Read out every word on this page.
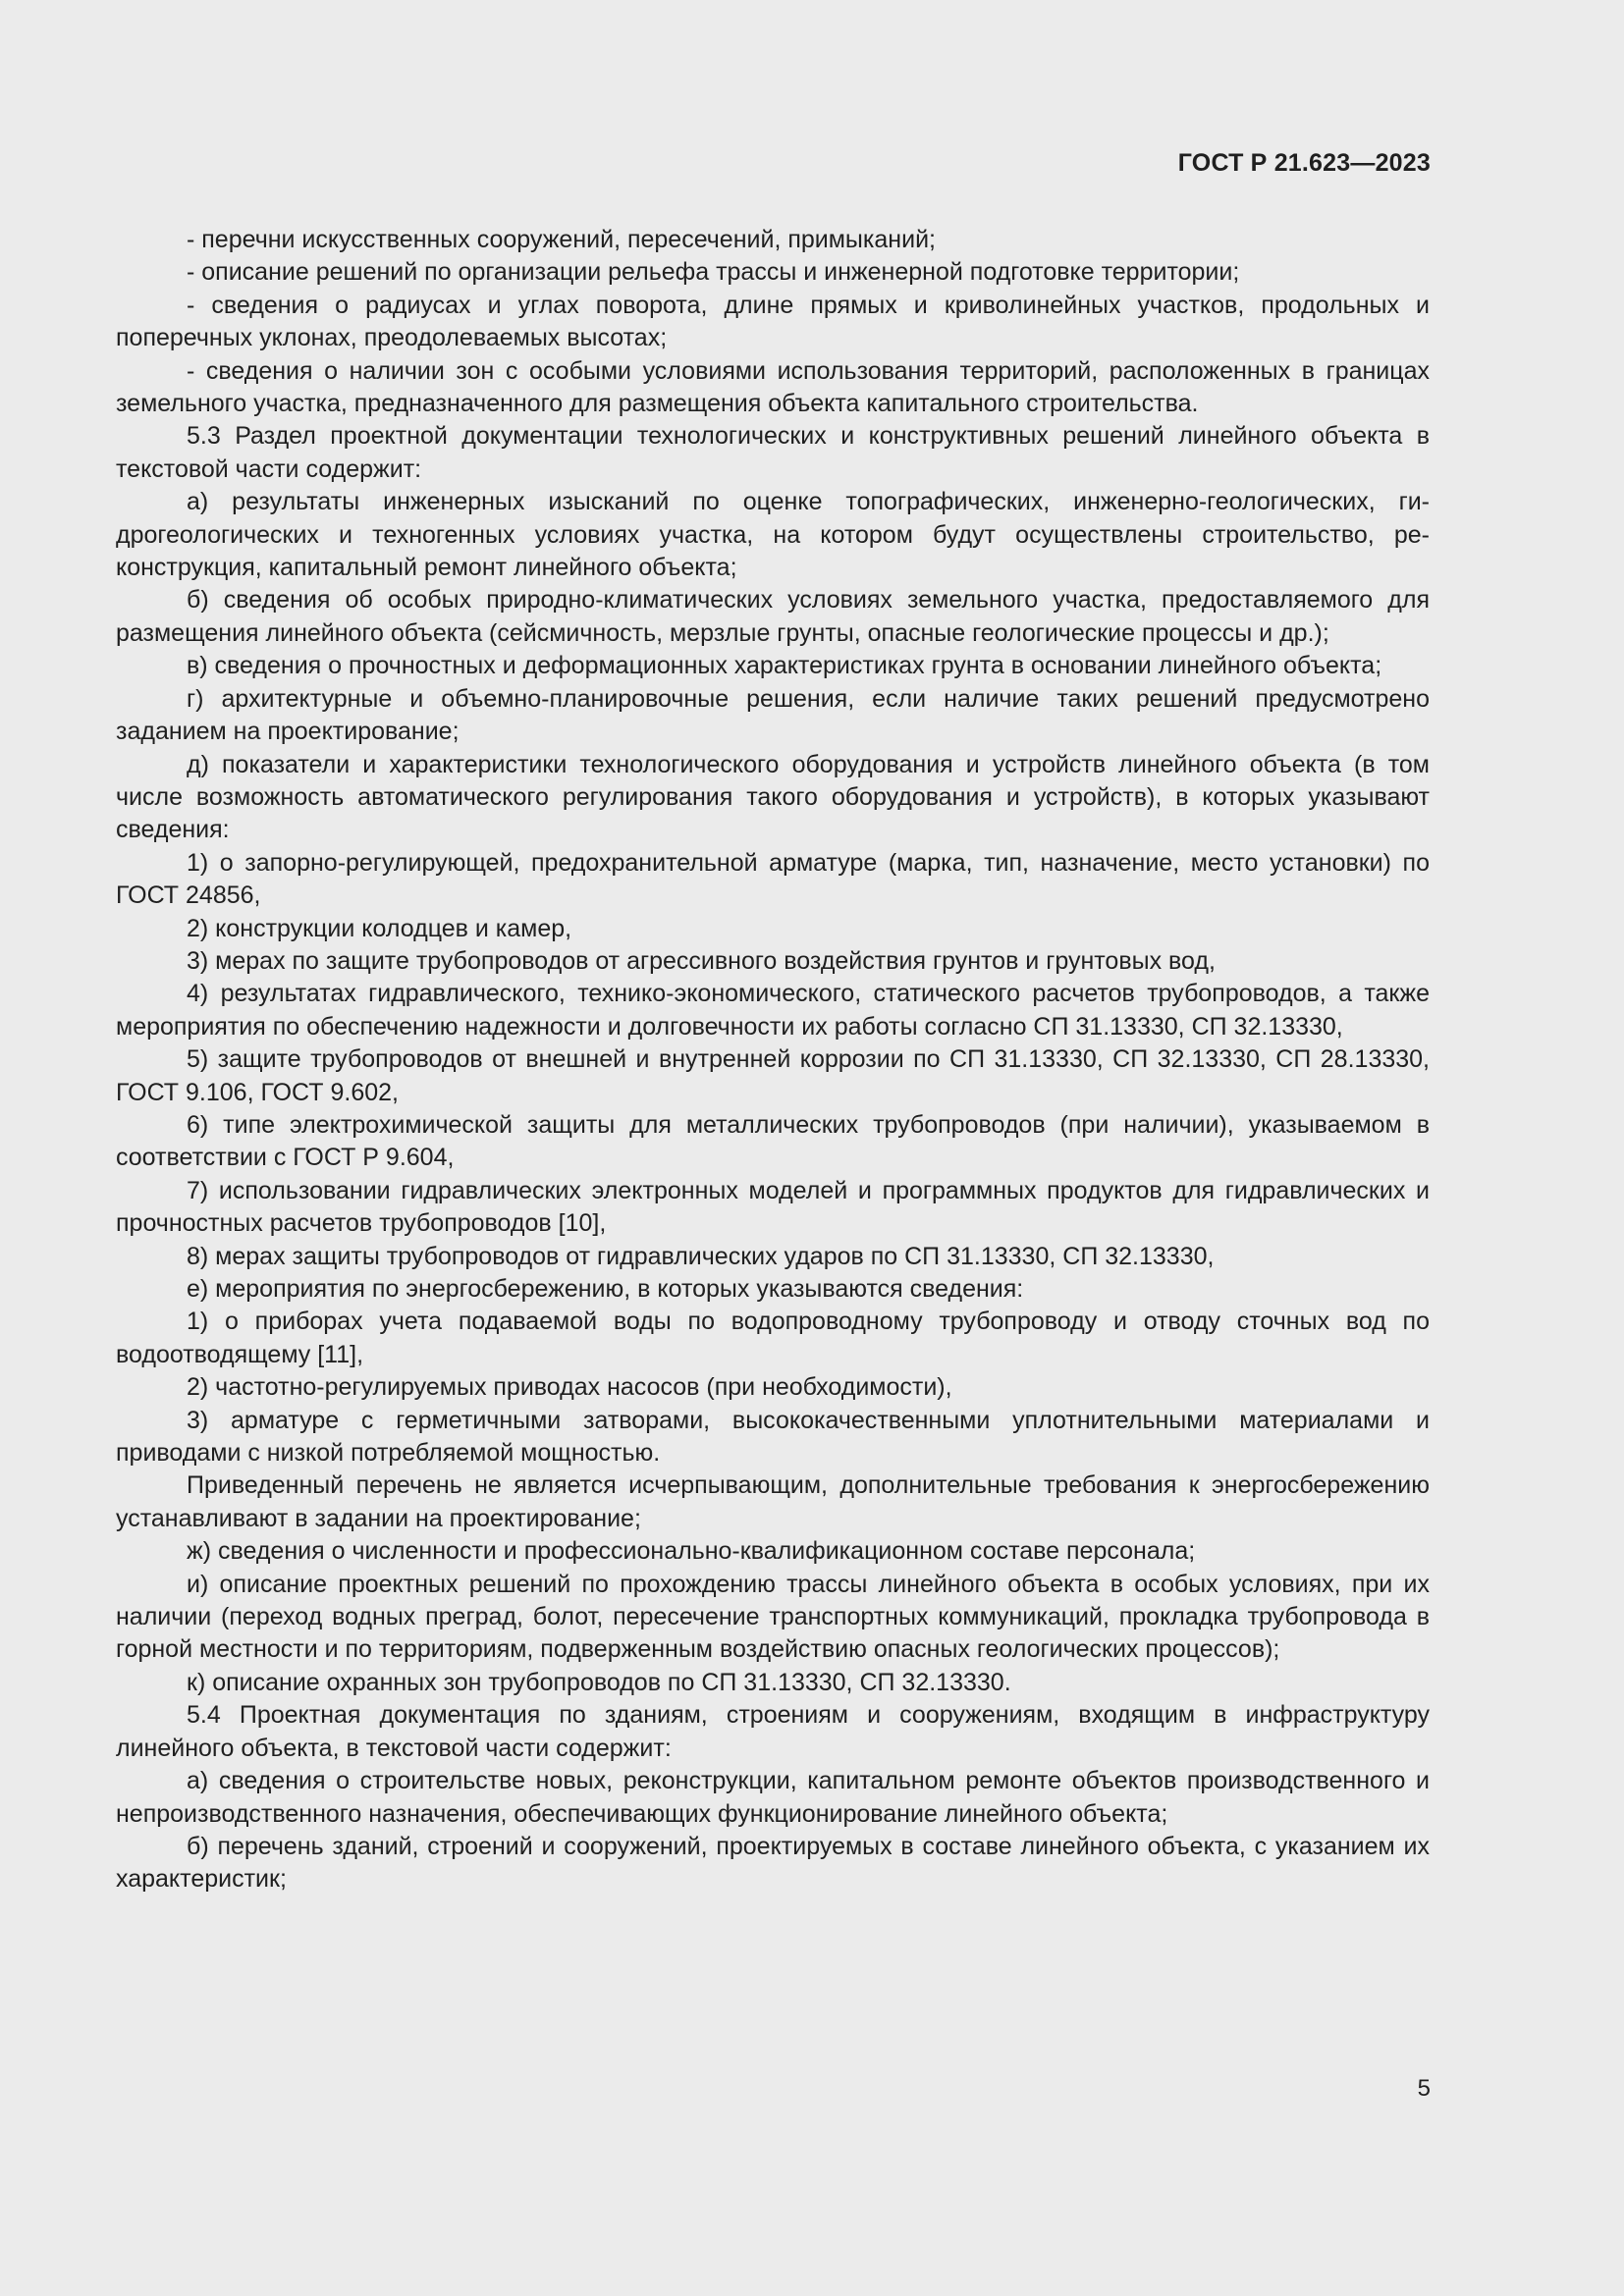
ГОСТ Р 21.623—2023

- перечни искусственных сооружений, пересечений, примыканий;

- описание решений по организации рельефа трассы и инженерной подготовке территории;

- сведения о радиусах и углах поворота, длине прямых и криволинейных участков, продольных и поперечных уклонах, преодолеваемых высотах;

- сведения о наличии зон с особыми условиями использования территорий, расположенных в границах земельного участка, предназначенного для размещения объекта капитального строительства.

5.3 Раздел проектной документации технологических и конструктивных решений линейного объекта в текстовой части содержит:

а) результаты инженерных изысканий по оценке топографических, инженерно-геологических, гидрогеологических и техногенных условиях участка, на котором будут осуществлены строительство, реконструкция, капитальный ремонт линейного объекта;

б) сведения об особых природно-климатических условиях земельного участка, предоставляемого для размещения линейного объекта (сейсмичность, мерзлые грунты, опасные геологические процессы и др.);

в) сведения о прочностных и деформационных характеристиках грунта в основании линейного объекта;

г) архитектурные и объемно-планировочные решения, если наличие таких решений предусмотрено заданием на проектирование;

д) показатели и характеристики технологического оборудования и устройств линейного объекта (в том числе возможность автоматического регулирования такого оборудования и устройств), в которых указывают сведения:

1) о запорно-регулирующей, предохранительной арматуре (марка, тип, назначение, место установки) по ГОСТ 24856,

2) конструкции колодцев и камер,

3) мерах по защите трубопроводов от агрессивного воздействия грунтов и грунтовых вод,

4) результатах гидравлического, технико-экономического, статического расчетов трубопроводов, а также мероприятия по обеспечению надежности и долговечности их работы согласно СП 31.13330, СП 32.13330,

5) защите трубопроводов от внешней и внутренней коррозии по СП 31.13330, СП 32.13330, СП 28.13330, ГОСТ 9.106, ГОСТ 9.602,

6) типе электрохимической защиты для металлических трубопроводов (при наличии), указываемом в соответствии с ГОСТ Р 9.604,

7) использовании гидравлических электронных моделей и программных продуктов для гидравлических и прочностных расчетов трубопроводов [10],

8) мерах защиты трубопроводов от гидравлических ударов по СП 31.13330, СП 32.13330,

е) мероприятия по энергосбережению, в которых указываются сведения:

1) о приборах учета подаваемой воды по водопроводному трубопроводу и отводу сточных вод по водоотводящему [11],

2) частотно-регулируемых приводах насосов (при необходимости),

3) арматуре с герметичными затворами, высококачественными уплотнительными материалами и приводами с низкой потребляемой мощностью.

Приведенный перечень не является исчерпывающим, дополнительные требования к энергосбережению устанавливают в задании на проектирование;

ж) сведения о численности и профессионально-квалификационном составе персонала;

и) описание проектных решений по прохождению трассы линейного объекта в особых условиях, при их наличии (переход водных преград, болот, пересечение транспортных коммуникаций, прокладка трубопровода в горной местности и по территориям, подверженным воздействию опасных геологических процессов);

к) описание охранных зон трубопроводов по СП 31.13330, СП 32.13330.

5.4 Проектная документация по зданиям, строениям и сооружениям, входящим в инфраструктуру линейного объекта, в текстовой части содержит:

а) сведения о строительстве новых, реконструкции, капитальном ремонте объектов производственного и непроизводственного назначения, обеспечивающих функционирование линейного объекта;

б) перечень зданий, строений и сооружений, проектируемых в составе линейного объекта, с указанием их характеристик;

5
